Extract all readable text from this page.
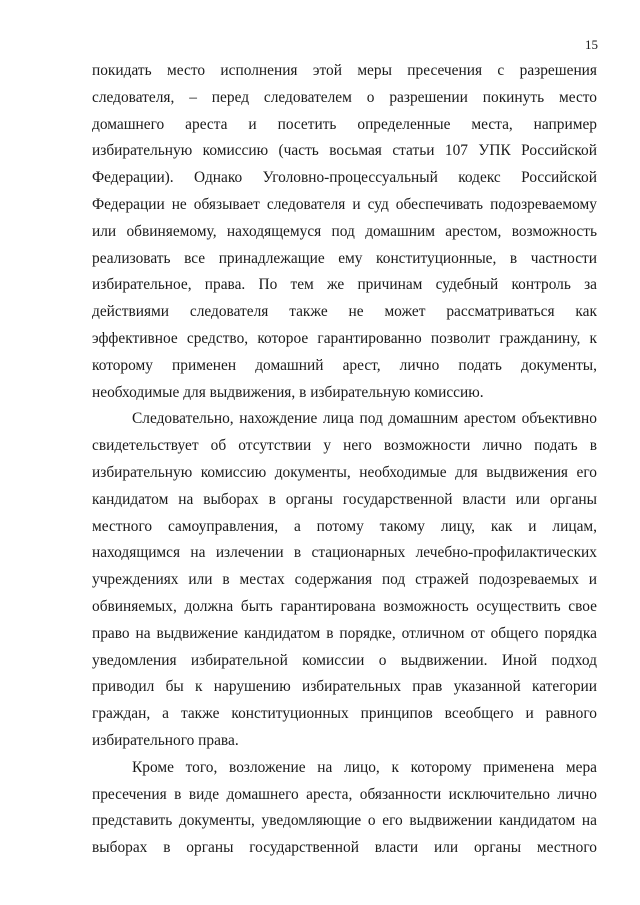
15
покидать место исполнения этой меры пресечения с разрешения
следователя, – перед следователем о разрешении покинуть место
домашнего ареста и посетить определенные места, например
избирательную комиссию (часть восьмая статьи 107 УПК Российской
Федерации). Однако Уголовно-процессуальный кодекс Российской
Федерации не обязывает следователя и суд обеспечивать подозреваемому
или обвиняемому, находящемуся под домашним арестом, возможность
реализовать все принадлежащие ему конституционные, в частности
избирательное, права. По тем же причинам судебный контроль за
действиями следователя также не может рассматриваться как
эффективное средство, которое гарантированно позволит гражданину, к
которому применен домашний арест, лично подать документы,
необходимые для выдвижения, в избирательную комиссию.
Следовательно, нахождение лица под домашним арестом объективно
свидетельствует об отсутствии у него возможности лично подать в
избирательную комиссию документы, необходимые для выдвижения его
кандидатом на выборах в органы государственной власти или органы
местного самоуправления, а потому такому лицу, как и лицам,
находящимся на излечении в стационарных лечебно-профилактических
учреждениях или в местах содержания под стражей подозреваемых и
обвиняемых, должна быть гарантирована возможность осуществить свое
право на выдвижение кандидатом в порядке, отличном от общего порядка
уведомления избирательной комиссии о выдвижении. Иной подход
приводил бы к нарушению избирательных прав указанной категории
граждан, а также конституционных принципов всеобщего и равного
избирательного права.
Кроме того, возложение на лицо, к которому применена мера
пресечения в виде домашнего ареста, обязанности исключительно лично
представить документы, уведомляющие о его выдвижении кандидатом на
выборах в органы государственной власти или органы местного
